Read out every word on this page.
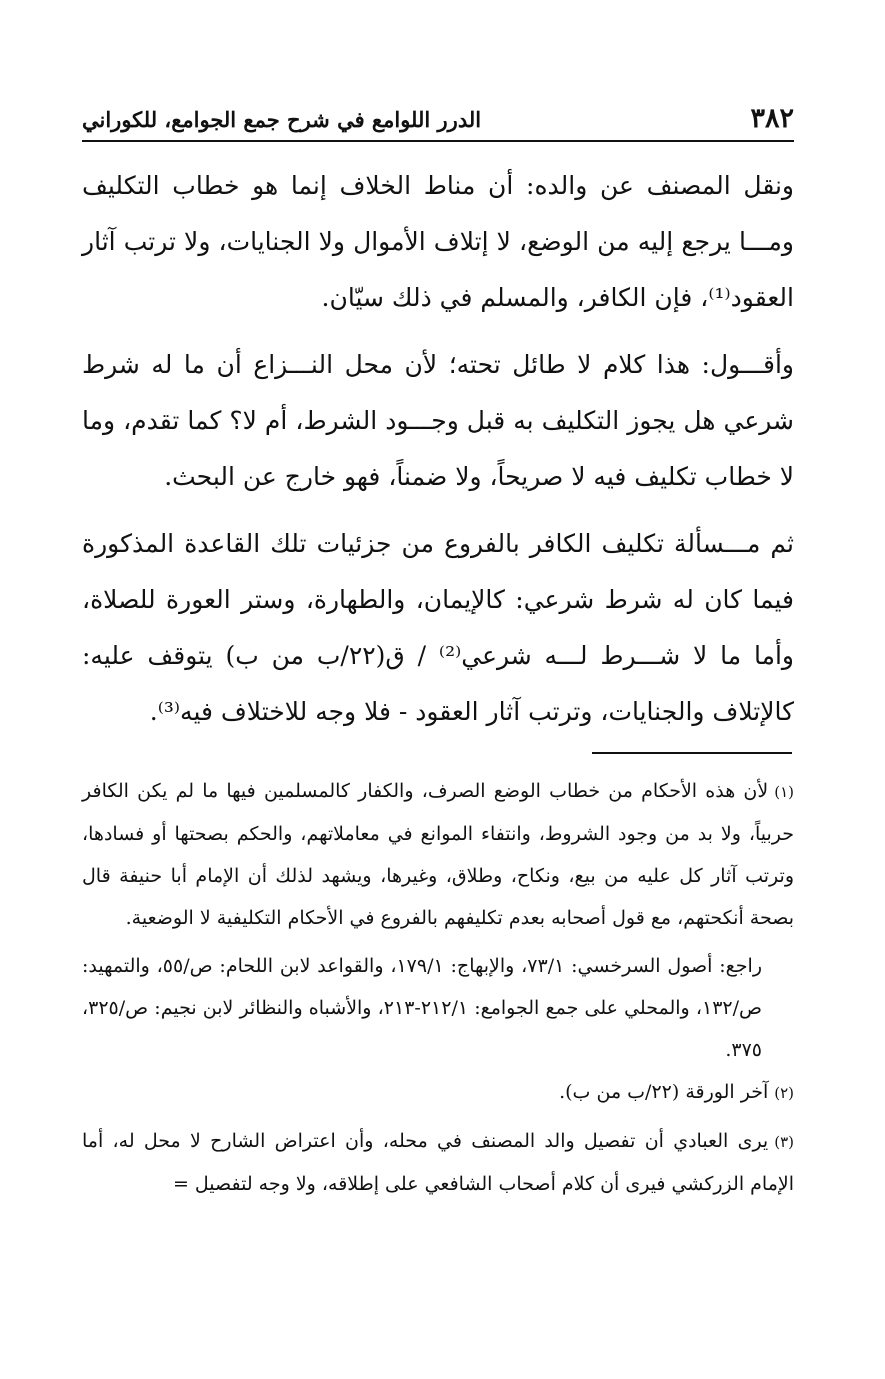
٣٨٢
الدرر اللوامع في شرح جمع الجوامع، للكوراني

ونقل المصنف عن والده: أن مناط الخلاف إنما هو خطاب التكليف ومـــا يرجع إليه من الوضع، لا إتلاف الأموال ولا الجنايات، ولا ترتب آثار العقود⁽¹⁾، فإن الكافر، والمسلم في ذلك سيّان.

وأقـــول: هذا كلام لا طائل تحته؛ لأن محل النـــزاع أن ما له شرط شرعي هل يجوز التكليف به قبل وجـــود الشرط، أم لا؟ كما تقدم، وما لا خطاب تكليف فيه لا صريحاً، ولا ضمناً، فهو خارج عن البحث.

ثم مـــسألة تكليف الكافر بالفروع من جزئيات تلك القاعدة المذكورة فيما كان له شرط شرعي: كالإيمان، والطهارة، وستر العورة للصلاة، وأما ما لا شـــرط لـــه شرعي⁽²⁾ / ق(٢٢/ب من ب) يتوقف عليه: كالإتلاف والجنايات، وترتب آثار العقود - فلا وجه للاختلاف فيه⁽³⁾.

(١)لأن هذه الأحكام من خطاب الوضع الصرف، والكفار كالمسلمين فيها ما لم يكن الكافر حربياً، ولا بد من وجود الشروط، وانتفاء الموانع في معاملاتهم، والحكم بصحتها أو فسادها، وترتب آثار كل عليه من بيع، ونكاح، وطلاق، وغيرها، ويشهد لذلك أن الإمام أبا حنيفة قال بصحة أنكحتهم، مع قول أصحابه بعدم تكليفهم بالفروع في الأحكام التكليفية لا الوضعية.

راجع: أصول السرخسي: ٧٣/١، والإبهاج: ١٧٩/١، والقواعد لابن اللحام: ص/٥٥، والتمهيد: ص/١٣٢، والمحلي على جمع الجوامع: ٢١٢/١-٢١٣، والأشباه والنظائر لابن نجيم: ص/٣٢٥، ٣٧٥.

(٢)آخر الورقة (٢٢/ب من ب).

(٣)يرى العبادي أن تفصيل والد المصنف في محله، وأن اعتراض الشارح لا محل له، أما الإمام الزركشي فيرى أن كلام أصحاب الشافعي على إطلاقه، ولا وجه لتفصيل =
